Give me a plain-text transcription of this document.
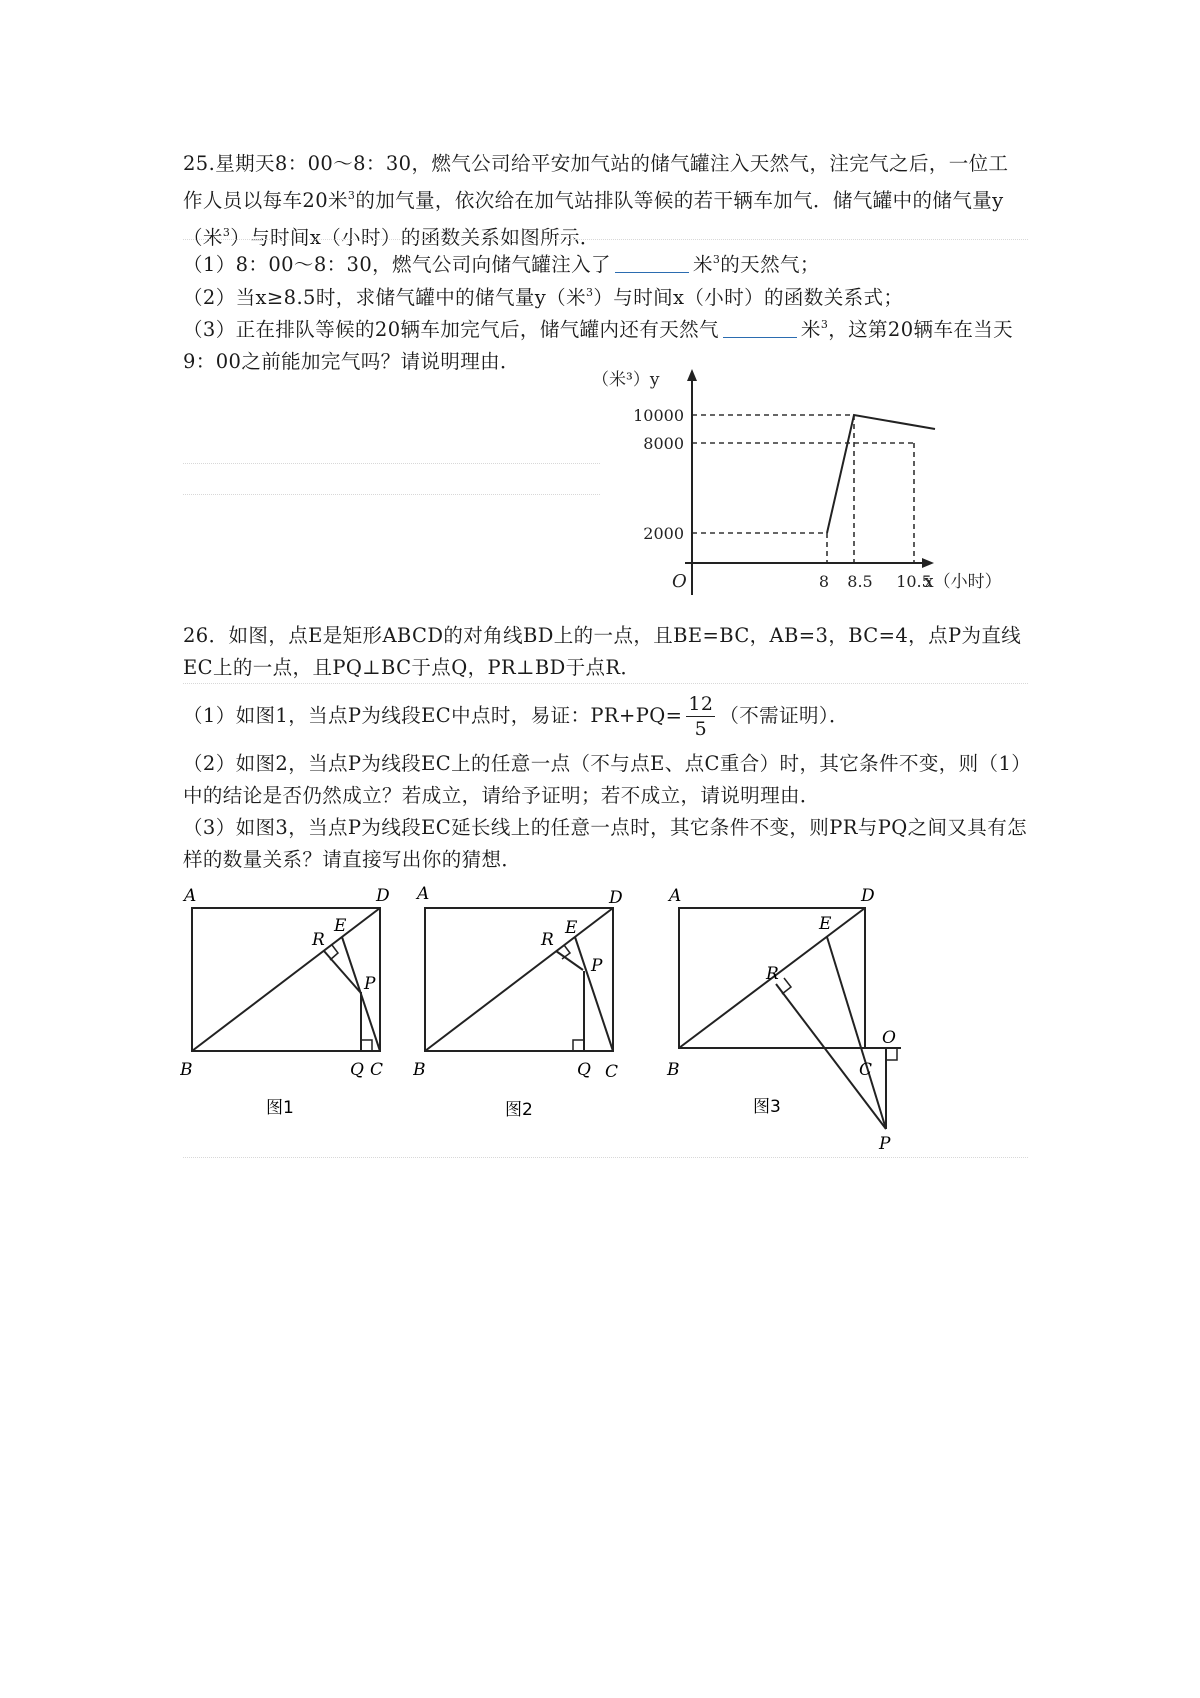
25.星期天8：00～8：30，燃气公司给平安加气站的储气罐注入天然气，注完气之后，一位工作人员以每车20米$^3$的加气量，依次给在加气站排队等候的若干辆车加气．储气罐中的储气量y（米$^3$）与时间x（小时）的函数关系如图所示．
（1）8：00～8：30，燃气公司向储气罐注入了	米$^3$的天然气；
（2）当x≥8.5时，求储气罐中的储气量y（米$^3$）与时间x（小时）的函数关系式；
（3）正在排队等候的20辆车加完气后，储气罐内还有天然气	米$^3$，这第20辆车在当天9：00之前能加完气吗？请说明理由．
2000
8000
10000
8 8.5 10.5
（米³）y
x（小时）
O
26．如图，点E是矩形ABCD的对角线BD上的一点，且BE=BC，AB=3，BC=4，点P为直线EC上的一点，且PQ⊥BC于点Q，PR⊥BD于点R．
（1）如图1，当点P为线段EC中点时，易证：$PR+PQ= \frac{12}{5}$ （不需证明）．
（2）如图2，当点P为线段EC上的任意一点（不与点E、点C重合）时，其它条件不变，则（1）中的结论是否仍然成立？若成立，请给予证明；若不成立，请说明理由．
（3）如图3，当点P为线段EC延长线上的任意一点时，其它条件不变，则PR与PQ之间又具有怎样的数量关系？请直接写出你的猜想．
A	D
B	C
Q
E
R
P
图1
A	D
B	C
Q
E
R
P
图2
A	D
B	C
O
E
R
P
图3
